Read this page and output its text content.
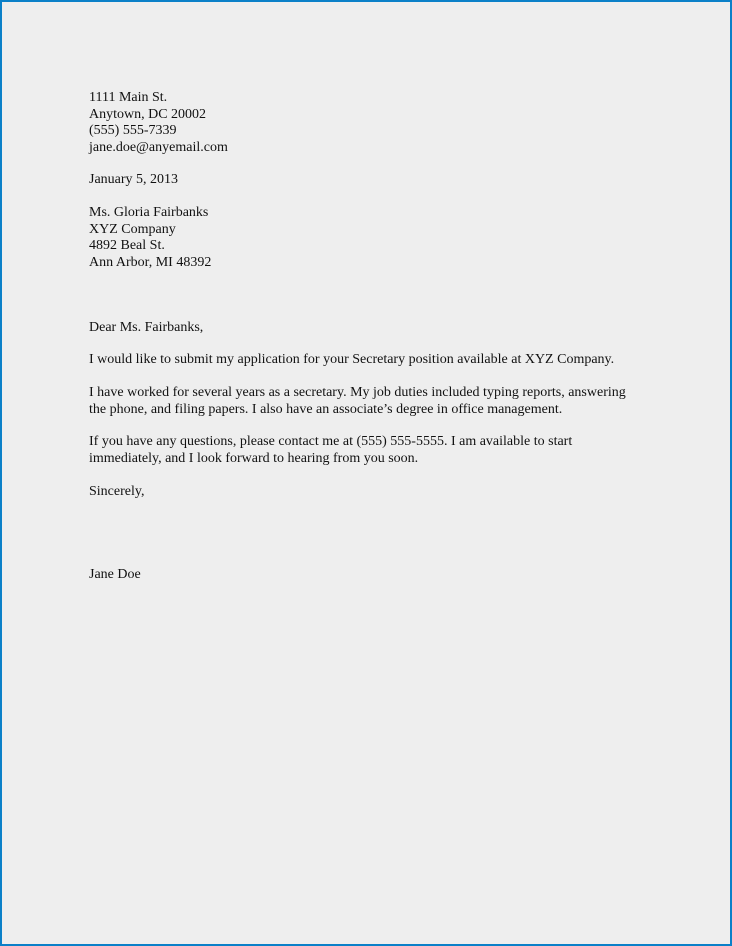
1111 Main St.
Anytown, DC 20002
(555) 555-7339
jane.doe@anyemail.com
January 5, 2013
Ms. Gloria Fairbanks
XYZ Company
4892 Beal St.
Ann Arbor, MI 48392
Dear Ms. Fairbanks,
I would like to submit my application for your Secretary position available at XYZ Company.
I have worked for several years as a secretary. My job duties included typing reports, answering
the phone, and filing papers. I also have an associate’s degree in office management.
If you have any questions, please contact me at (555) 555-5555. I am available to start
immediately, and I look forward to hearing from you soon.
Sincerely,
Jane Doe
